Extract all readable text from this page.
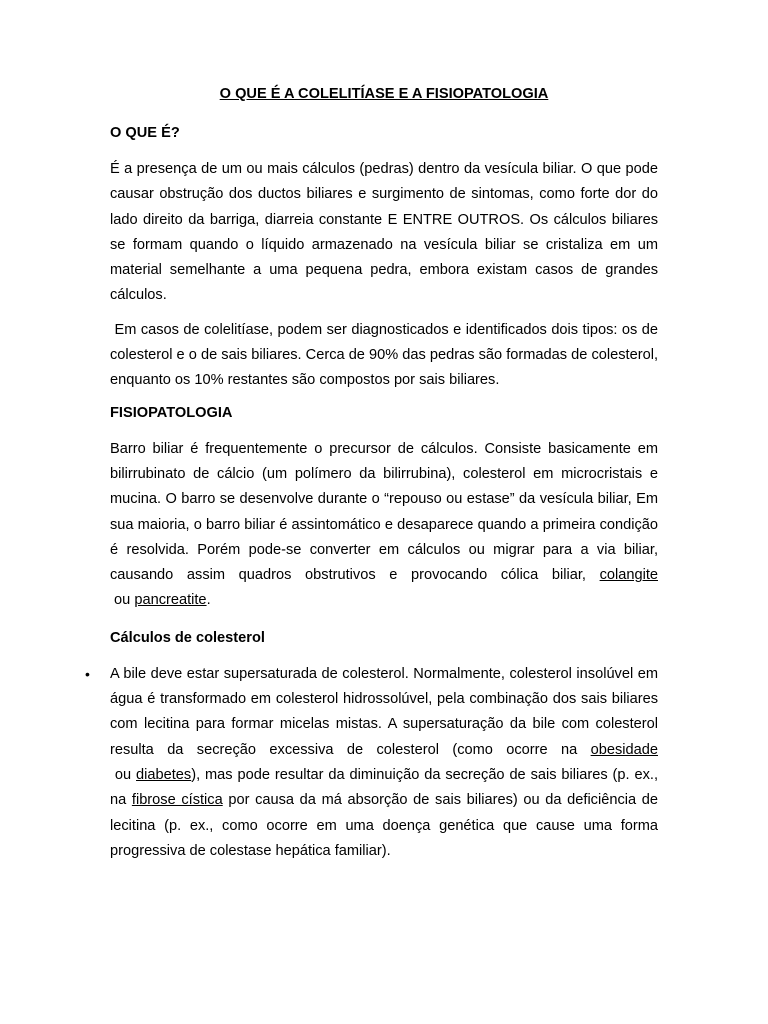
O QUE É A COLELITÍASE E A FISIOPATOLOGIA

O QUE É?

É a presença de um ou mais cálculos (pedras) dentro da vesícula biliar. O que pode causar obstrução dos ductos biliares e surgimento de sintomas, como forte dor do lado direito da barriga, diarreia constante E ENTRE OUTROS. Os cálculos biliares se formam quando o líquido armazenado na vesícula biliar se cristaliza em um material semelhante a uma pequena pedra, embora existam casos de grandes cálculos.

Em casos de colelitíase, podem ser diagnosticados e identificados dois tipos: os de colesterol e o de sais biliares. Cerca de 90% das pedras são formadas de colesterol, enquanto os 10% restantes são compostos por sais biliares.

FISIOPATOLOGIA

Barro biliar é frequentemente o precursor de cálculos. Consiste basicamente em bilirrubinato de cálcio (um polímero da bilirrubina), colesterol em microcristais e mucina. O barro se desenvolve durante o “repouso ou estase” da vesícula biliar, Em sua maioria, o barro biliar é assintomático e desaparece quando a primeira condição é resolvida. Porém pode-se converter em cálculos ou migrar para a via biliar, causando assim quadros obstrutivos e provocando cólica biliar, colangite ou pancreatite.

Cálculos de colesterol

• A bile deve estar supersaturada de colesterol. Normalmente, colesterol insolúvel em água é transformado em colesterol hidrossolúvel, pela combinação dos sais biliares com lecitina para formar micelas mistas. A supersaturação da bile com colesterol resulta da secreção excessiva de colesterol (como ocorre na obesidade ou diabetes), mas pode resultar da diminuição da secreção de sais biliares (p. ex., na fibrose cística por causa da má absorção de sais biliares) ou da deficiência de lecitina (p. ex., como ocorre em uma doença genética que cause uma forma progressiva de colestase hepática familiar).
